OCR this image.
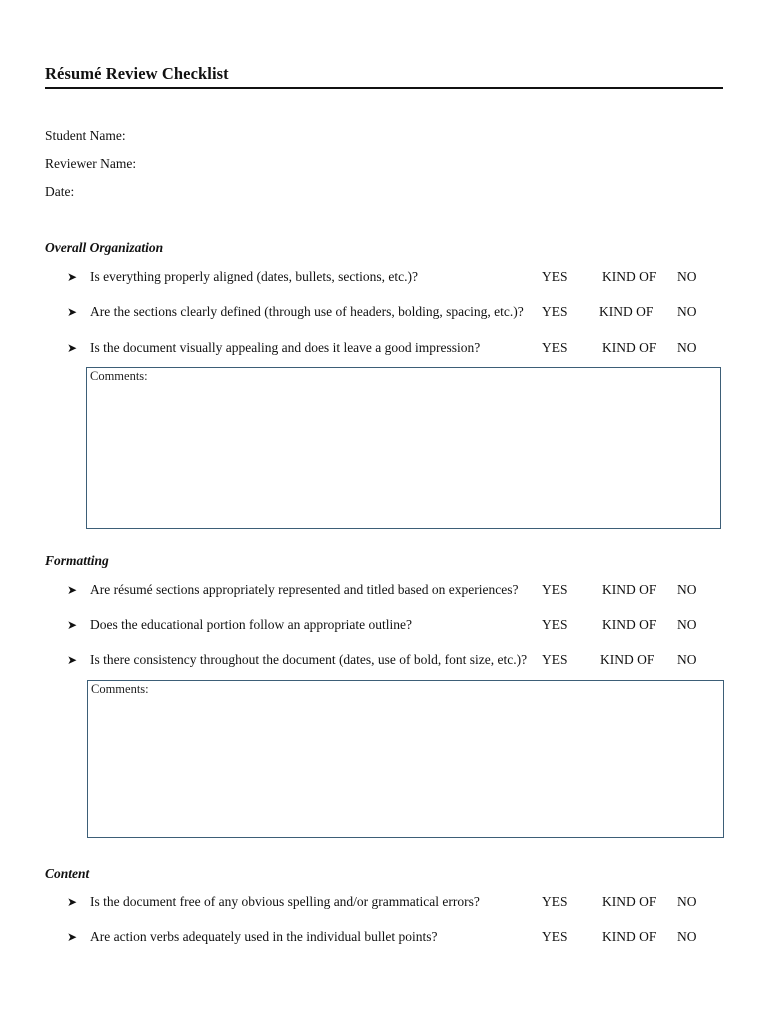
Résumé Review Checklist
Student Name:
Reviewer Name:
Date:
Overall Organization
➤ Is everything properly aligned (dates, bullets, sections, etc.)?	YES	KIND OF NO
➤ Are the sections clearly defined (through use of headers, bolding, spacing, etc.)? YES KIND OF NO
➤ Is the document visually appealing and does it leave a good impression?	YES	KIND OF NO
Comments:
Formatting
➤ Are résumé sections appropriately represented and titled based on experiences? YES	KIND OF NO
➤ Does the educational portion follow an appropriate outline?	YES	KIND OF NO
➤ Is there consistency throughout the document (dates, use of bold, font size, etc.)? YES KIND OF NO
Comments:
Content
➤ Is the document free of any obvious spelling and/or grammatical errors?	YES	KIND OF NO
➤ Are action verbs adequately used in the individual bullet points?	YES	KIND OF NO
